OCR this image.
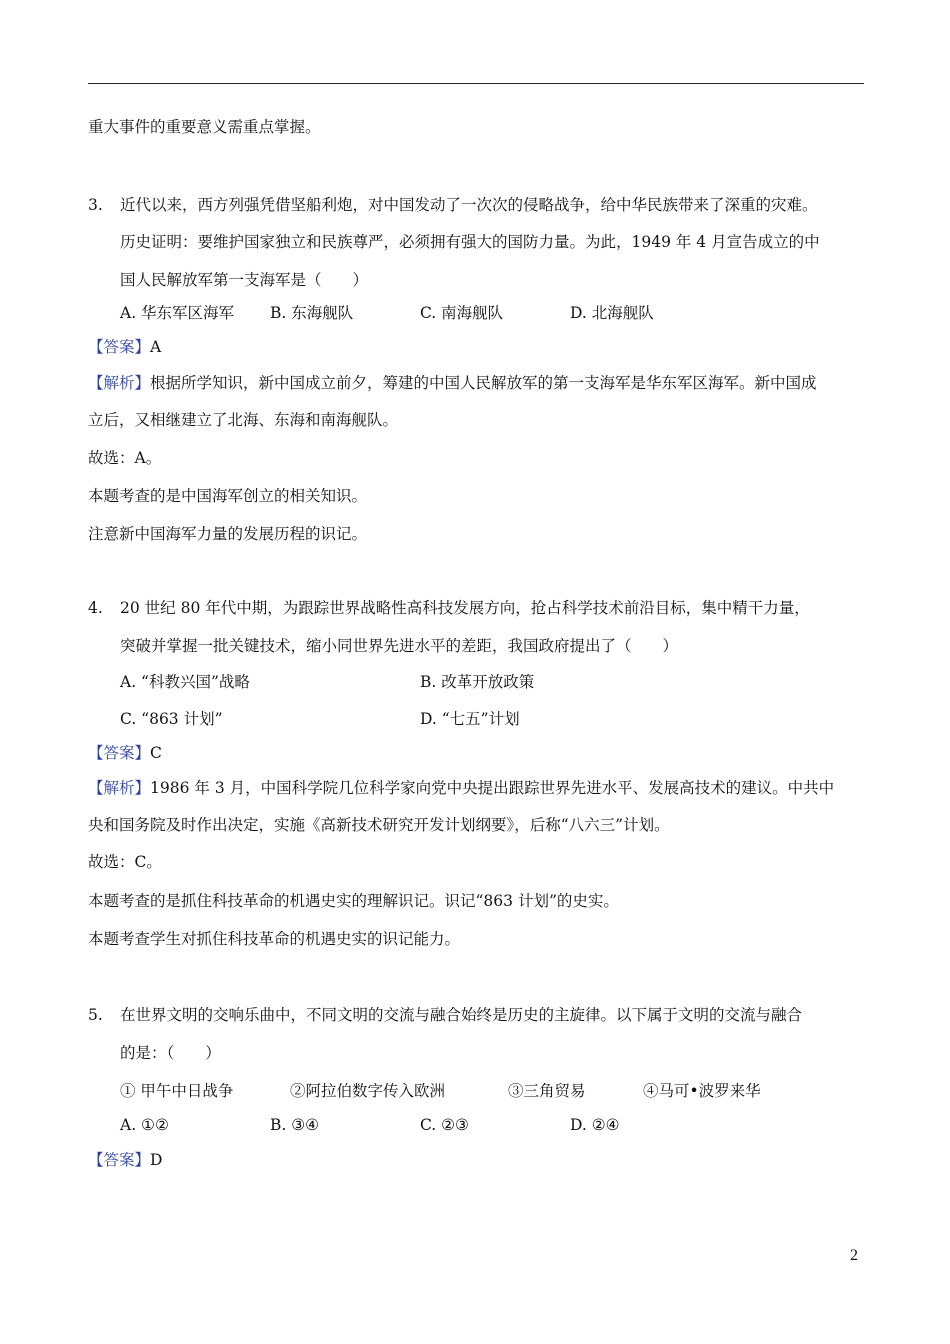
重大事件的重要意义需重点掌握。
3. 近代以来，西方列强凭借坚船利炮，对中国发动了一次次的侵略战争，给中华民族带来了深重的灾难。
历史证明：要维护国家独立和民族尊严，必须拥有强大的国防力量。为此，1949 年 4 月宣告成立的中
国人民解放军第一支海军是（　　）
A. 华东军区海军 B. 东海舰队	C. 南海舰队	D. 北海舰队
【答案】A
【解析】根据所学知识，新中国成立前夕，筹建的中国人民解放军的第一支海军是华东军区海军。新中国成
立后，又相继建立了北海、东海和南海舰队。
故选：A。
本题考查的是中国海军创立的相关知识。
注意新中国海军力量的发展历程的识记。
4. 20 世纪 80 年代中期，为跟踪世界战略性高科技发展方向，抢占科学技术前沿目标，集中精干力量，
突破并掌握一批关键技术，缩小同世界先进水平的差距，我国政府提出了（　　）
A. “科教兴国”战略	B. 改革开放政策
C. “863 计划”	D. “七五”计划
【答案】C
【解析】1986 年 3 月，中国科学院几位科学家向党中央提出跟踪世界先进水平、发展高技术的建议。中共中
央和国务院及时作出决定，实施《高新技术研究开发计划纲要》，后称“八六三”计划。
故选：C。
本题考查的是抓住科技革命的机遇史实的理解识记。识记“863 计划”的史实。
本题考查学生对抓住科技革命的机遇史实的识记能力。
5. 在世界文明的交响乐曲中，不同文明的交流与融合始终是历史的主旋律。以下属于文明的交流与融合
的是：（　　）
① 甲午中日战争	②阿拉伯数字传入欧洲	③三角贸易	④马可•波罗来华
A. ①②	B. ③④	C. ②③	D. ②④
【答案】D
2
